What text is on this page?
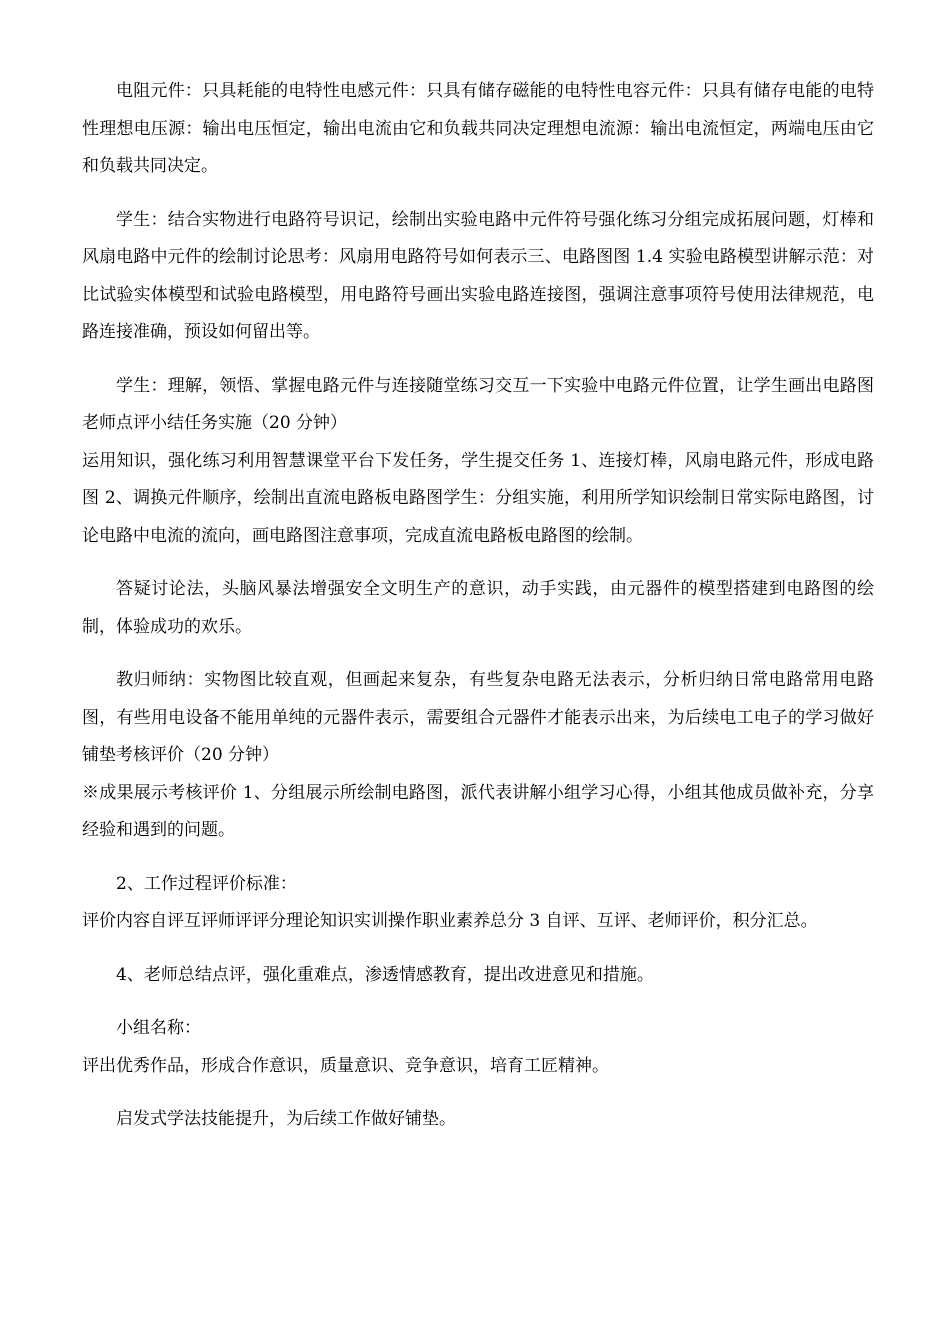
电阻元件：只具耗能的电特性电感元件：只具有储存磁能的电特性电容元件：只具有储存电能的电特性理想电压源：输出电压恒定，输出电流由它和负载共同决定理想电流源：输出电流恒定，两端电压由它和负载共同决定。

学生：结合实物进行电路符号识记，绘制出实验电路中元件符号强化练习分组完成拓展问题，灯棒和风扇电路中元件的绘制讨论思考：风扇用电路符号如何表示三、电路图图 1.4 实验电路模型讲解示范：对比试验实体模型和试验电路模型，用电路符号画出实验电路连接图，强调注意事项符号使用法律规范，电路连接准确，预设如何留出等。

学生：理解，领悟、掌握电路元件与连接随堂练习交互一下实验中电路元件位置，让学生画出电路图老师点评小结任务实施（20 分钟）

运用知识，强化练习利用智慧课堂平台下发任务，学生提交任务 1、连接灯棒，风扇电路元件，形成电路图 2、调换元件顺序，绘制出直流电路板电路图学生：分组实施，利用所学知识绘制日常实际电路图，讨论电路中电流的流向，画电路图注意事项，完成直流电路板电路图的绘制。

答疑讨论法，头脑风暴法增强安全文明生产的意识，动手实践，由元器件的模型搭建到电路图的绘制，体验成功的欢乐。

教归师纳：实物图比较直观，但画起来复杂，有些复杂电路无法表示，分析归纳日常电路常用电路图，有些用电设备不能用单纯的元器件表示，需要组合元器件才能表示出来，为后续电工电子的学习做好铺垫考核评价（20 分钟）

※成果展示考核评价 1、分组展示所绘制电路图，派代表讲解小组学习心得，小组其他成员做补充，分享经验和遇到的问题。

2、工作过程评价标准：

评价内容自评互评师评评分理论知识实训操作职业素养总分 3 自评、互评、老师评价，积分汇总。

4、老师总结点评，强化重难点，渗透情感教育，提出改进意见和措施。

小组名称：

评出优秀作品，形成合作意识，质量意识、竞争意识，培育工匠精神。

启发式学法技能提升，为后续工作做好铺垫。
